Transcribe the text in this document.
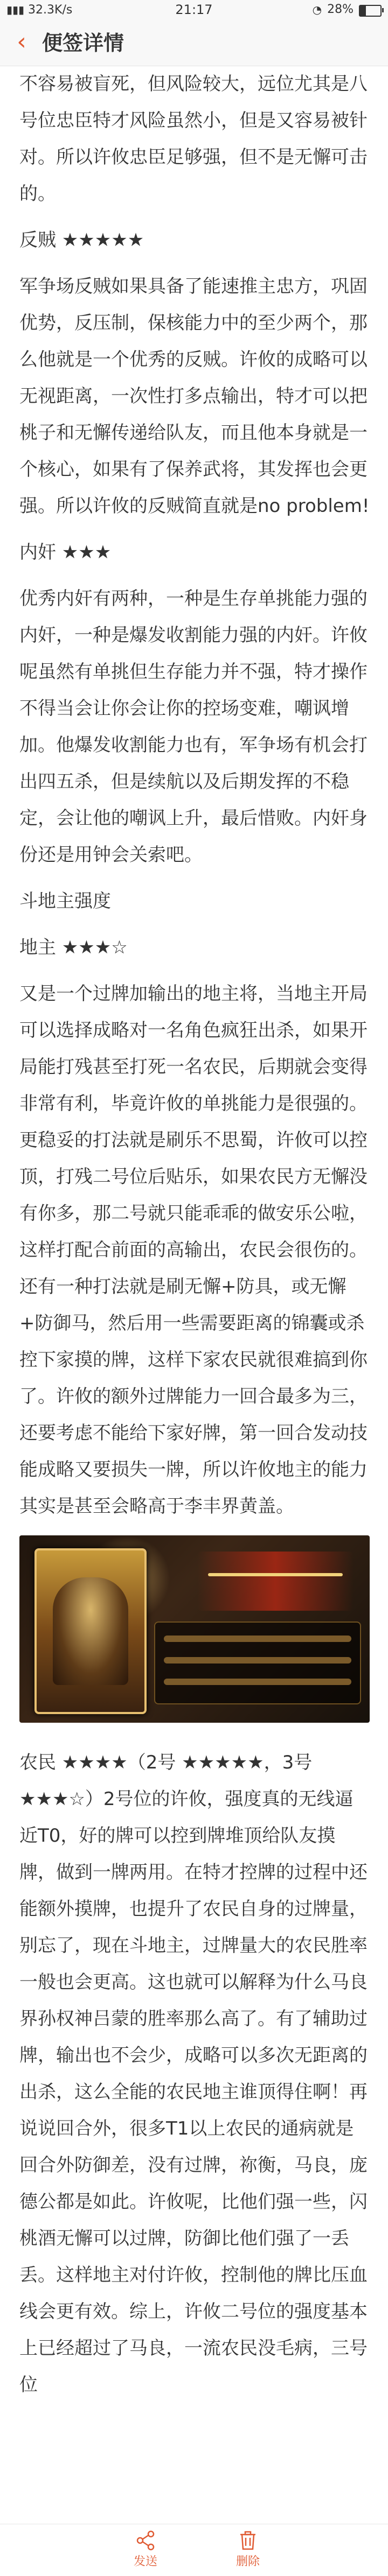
▮▮▮ 32.3K/s	21:17	◔ 28%
‹ 便签详情
不容易被盲死，但风险较大，远位尤其是八号位忠臣特才风险虽然小，但是又容易被针对。所以许攸忠臣足够强，但不是无懈可击的。
反贼 ★★★★★
军争场反贼如果具备了能速推主忠方，巩固优势，反压制，保核能力中的至少两个，那么他就是一个优秀的反贼。许攸的成略可以无视距离，一次性打多点输出，特才可以把桃子和无懈传递给队友，而且他本身就是一个核心，如果有了保养武将，其发挥也会更强。所以许攸的反贼简直就是no problem!
内奸 ★★★
优秀内奸有两种，一种是生存单挑能力强的内奸，一种是爆发收割能力强的内奸。许攸呢虽然有单挑但生存能力并不强，特才操作不得当会让你会让你的控场变难，嘲讽增加。他爆发收割能力也有，军争场有机会打出四五杀，但是续航以及后期发挥的不稳定，会让他的嘲讽上升，最后惜败。内奸身份还是用钟会关索吧。
斗地主强度
地主 ★★★☆
又是一个过牌加输出的地主将，当地主开局可以选择成略对一名角色疯狂出杀，如果开局能打残甚至打死一名农民，后期就会变得非常有利，毕竟许攸的单挑能力是很强的。更稳妥的打法就是刷乐不思蜀，许攸可以控顶，打残二号位后贴乐，如果农民方无懈没有你多，那二号就只能乖乖的做安乐公啦，这样打配合前面的高输出，农民会很伤的。还有一种打法就是刷无懈+防具，或无懈+防御马，然后用一些需要距离的锦囊或杀控下家摸的牌，这样下家农民就很难搞到你了。许攸的额外过牌能力一回合最多为三，还要考虑不能给下家好牌，第一回合发动技能成略又要损失一牌，所以许攸地主的能力其实是甚至会略高于李丰界黄盖。
农民 ★★★★（2号 ★★★★★，3号★★★☆）2号位的许攸，强度真的无线逼近T0，好的牌可以控到牌堆顶给队友摸牌，做到一牌两用。在特才控牌的过程中还能额外摸牌，也提升了农民自身的过牌量，别忘了，现在斗地主，过牌量大的农民胜率一般也会更高。这也就可以解释为什么马良界孙权神吕蒙的胜率那么高了。有了辅助过牌，输出也不会少，成略可以多次无距离的出杀，这么全能的农民地主谁顶得住啊！再说说回合外，很多T1以上农民的通病就是回合外防御差，没有过牌，祢衡，马良，庞德公都是如此。许攸呢，比他们强一些，闪桃酒无懈可以过牌，防御比他们强了一丢丢。这样地主对付许攸，控制他的牌比压血线会更有效。综上，许攸二号位的强度基本上已经超过了马良，一流农民没毛病，三号位
发送	删除
